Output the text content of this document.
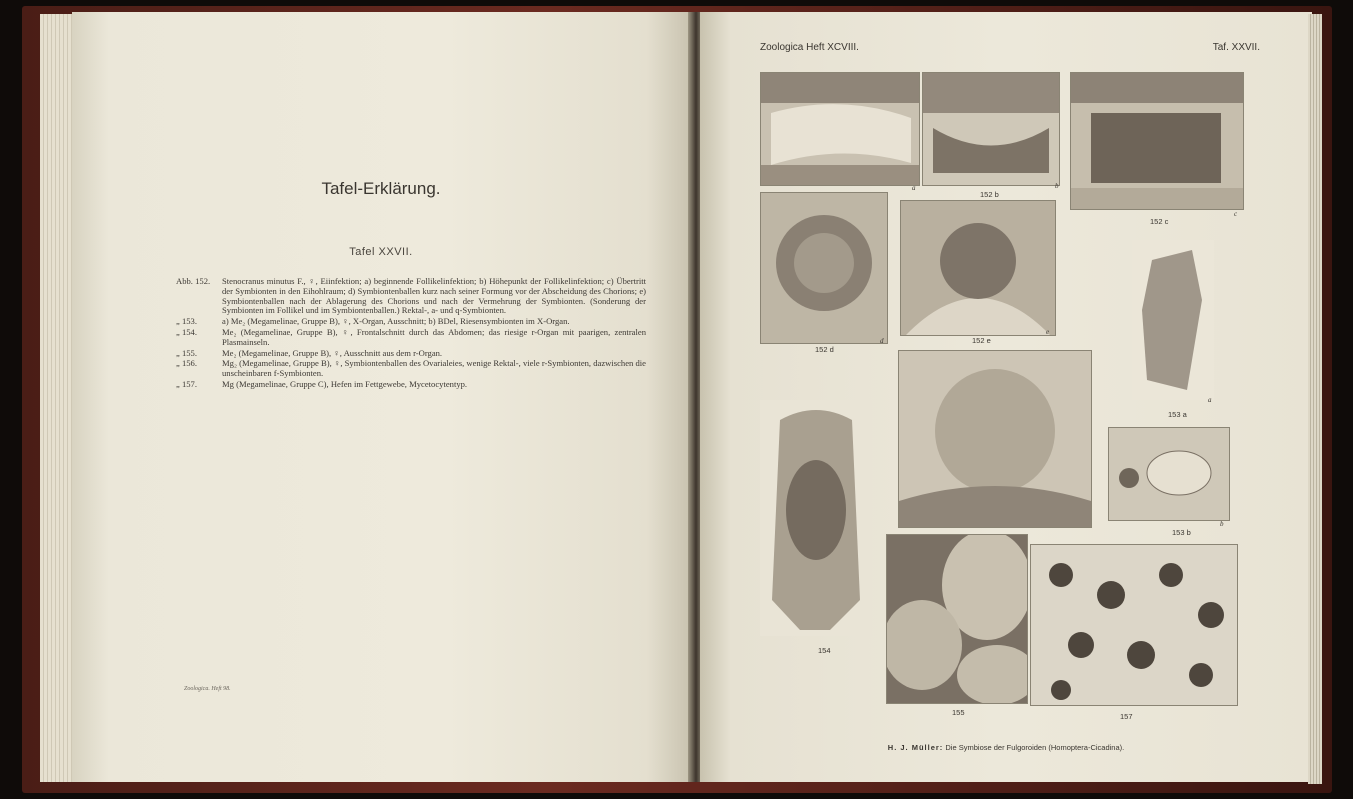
Tafel-Erklärung.
Tafel XXVII.
Abb. 152.	Stenocranus minutus F., ♀, Eiinfektion; a) beginnende Follikelinfektion; b) Höhepunkt der Follikelinfektion; c) Übertritt der Symbionten in den Eihohlraum; d) Symbiontenballen kurz nach seiner Formung vor der Abscheidung des Chorions; e) Symbiontenballen nach der Ablagerung des Chorions und nach der Vermehrung der Symbionten. (Sonderung der Symbionten im Follikel und im Symbiontenballen.) Rektal-, a- und q-Symbionten.
„ 153.	a) Me₂ (Megamelinae, Gruppe B), ♀, X-Organ, Ausschnitt; b) BDel, Riesensymbionten im X-Organ.
„ 154.	Me₂ (Megamelinae, Gruppe B), ♀, Frontalschnitt durch das Abdomen; das riesige r-Organ mit paarigen, zentralen Plasmainseln.
„ 155.	Me₂ (Megamelinae, Gruppe B), ♀, Ausschnitt aus dem r-Organ.
„ 156.	Mg₂ (Megamelinae, Gruppe B), ♀, Symbiontenballen des Ovarialeies, wenige Rektal-, viele r-Symbionten, dazwischen die unscheinbaren f-Symbionten.
„ 157.	Mg (Megamelinae, Gruppe C), Hefen im Fettgewebe, Mycetocytentyp.
Zoologica. Heft 98.
Zoologica Heft XCVIII.	Taf. XXVII.
a
152 b
b
152 c
c
152 d
d	152 e
e
153 a
a
154
153 b
b
155	157
H. J. Müller: Die Symbiose der Fulgoroiden (Homoptera-Cicadina).
